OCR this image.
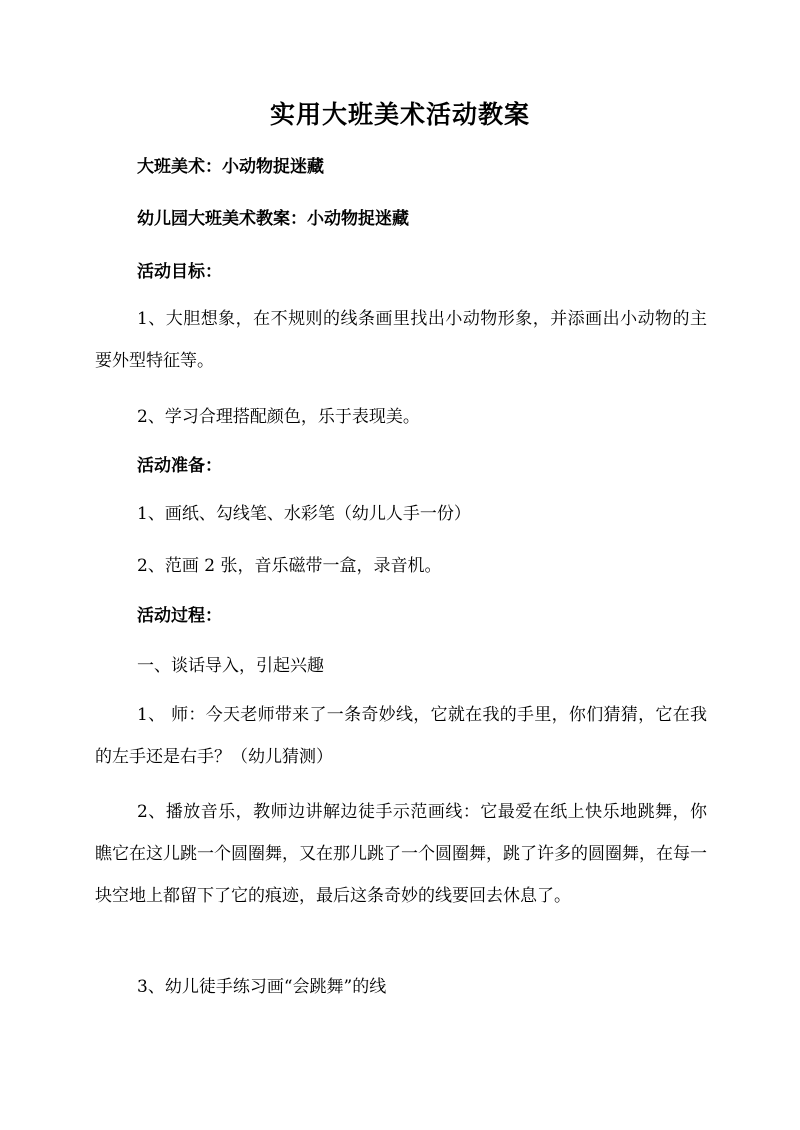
实用大班美术活动教案
大班美术：小动物捉迷藏
幼儿园大班美术教案：小动物捉迷藏
活动目标：
1、大胆想象，在不规则的线条画里找出小动物形象，并添画出小动物的主要外型特征等。
2、学习合理搭配颜色，乐于表现美。
活动准备：
1、画纸、勾线笔、水彩笔（幼儿人手一份）
2、范画 2 张，音乐磁带一盒，录音机。
活动过程：
一、谈话导入，引起兴趣
1、 师：今天老师带来了一条奇妙线，它就在我的手里，你们猜猜，它在我的左手还是右手？（幼儿猜测）
2、播放音乐，教师边讲解边徒手示范画线：它最爱在纸上快乐地跳舞，你瞧它在这儿跳一个圆圈舞，又在那儿跳了一个圆圈舞，跳了许多的圆圈舞，在每一块空地上都留下了它的痕迹，最后这条奇妙的线要回去休息了。
3、幼儿徒手练习画“会跳舞”的线
